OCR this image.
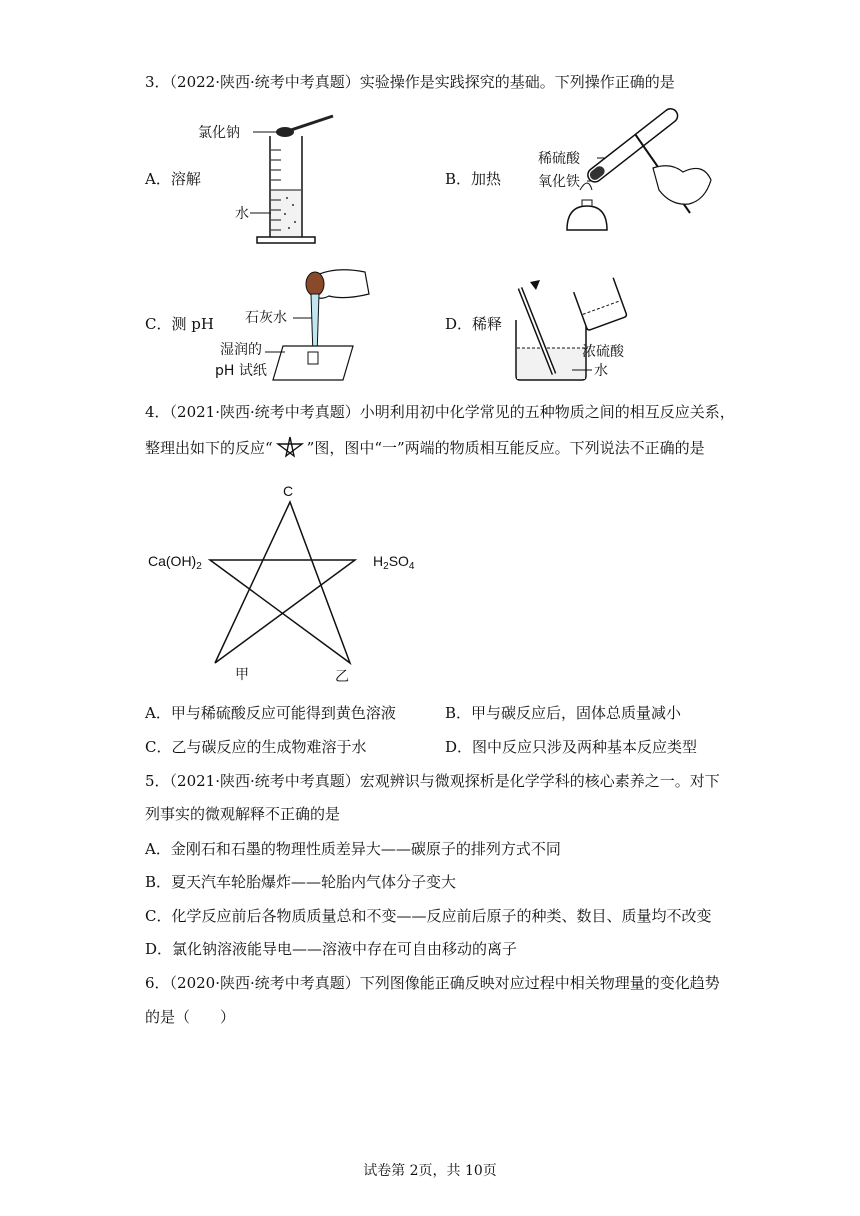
3．（2022·陕西·统考中考真题）实验操作是实践探究的基础。下列操作正确的是
A．溶解
氯化钠
水
B．加热
稀硫酸
氧化铁
C．测 pH 石灰水
湿润的
pH 试纸
D．稀释
浓硫酸
水
4．（2021·陕西·统考中考真题）小明利用初中化学常见的五种物质之间的相互反应关系，
整理出如下的反应“ ”图，图中“一”两端的物质相互能反应。下列说法不正确的是
C
$Ca(OH)_2$	$H_2SO_4$
甲	乙
A．甲与稀硫酸反应可能得到黄色溶液	B．甲与碳反应后，固体总质量减小
C．乙与碳反应的生成物难溶于水	D．图中反应只涉及两种基本反应类型
5．（2021·陕西·统考中考真题）宏观辨识与微观探析是化学学科的核心素养之一。对下
列事实的微观解释不正确的是
A．金刚石和石墨的物理性质差异大——碳原子的排列方式不同
B．夏天汽车轮胎爆炸——轮胎内气体分子变大
C．化学反应前后各物质质量总和不变——反应前后原子的种类、数目、质量均不改变
D．氯化钠溶液能导电——溶液中存在可自由移动的离子
6．（2020·陕西·统考中考真题）下列图像能正确反映对应过程中相关物理量的变化趋势
的是（　　）
试卷第 2页，共 10页
